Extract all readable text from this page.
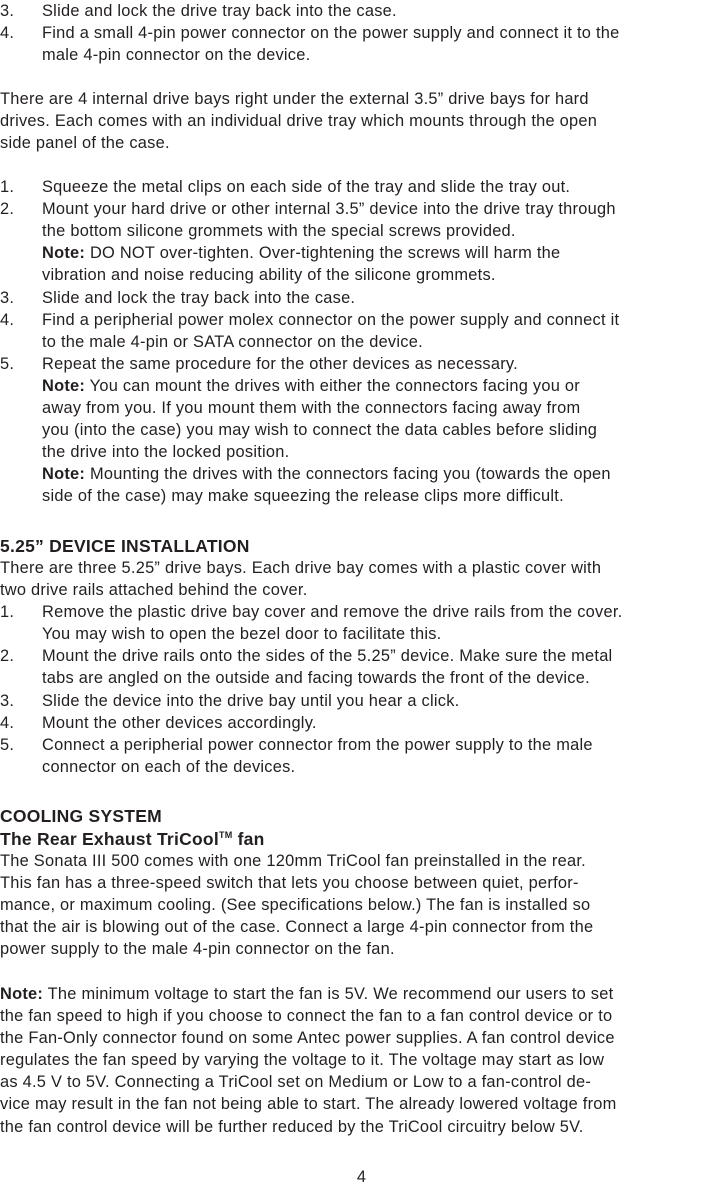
3. Slide and lock the drive tray back into the case.
4. Find a small 4-pin power connector on the power supply and connect it to the
male 4-pin connector on the device.
There are 4 internal drive bays right under the external 3.5” drive bays for hard
drives. Each comes with an individual drive tray which mounts through the open
side panel of the case.
1. Squeeze the metal clips on each side of the tray and slide the tray out.
2. Mount your hard drive or other internal 3.5” device into the drive tray through
the bottom silicone grommets with the special screws provided.
Note: DO NOT over-tighten. Over-tightening the screws will harm the
vibration and noise reducing ability of the silicone grommets.
3. Slide and lock the tray back into the case.
4. Find a peripherial power molex connector on the power supply and connect it
to the male 4-pin or SATA connector on the device.
5. Repeat the same procedure for the other devices as necessary.
Note: You can mount the drives with either the connectors facing you or
away from you. If you mount them with the connectors facing away from
you (into the case) you may wish to connect the data cables before sliding
the drive into the locked position.
Note: Mounting the drives with the connectors facing you (towards the open
side of the case) may make squeezing the release clips more difficult.
5.25” DEVICE INSTALLATION
There are three 5.25” drive bays. Each drive bay comes with a plastic cover with
two drive rails attached behind the cover.
1. Remove the plastic drive bay cover and remove the drive rails from the cover.
You may wish to open the bezel door to facilitate this.
2. Mount the drive rails onto the sides of the 5.25” device. Make sure the metal
tabs are angled on the outside and facing towards the front of the device.
3. Slide the device into the drive bay until you hear a click.
4. Mount the other devices accordingly.
5. Connect a peripherial power connector from the power supply to the male
connector on each of the devices.
COOLING SYSTEM
The Rear Exhaust TriCool™ fan
The Sonata III 500 comes with one 120mm TriCool fan preinstalled in the rear.
This fan has a three-speed switch that lets you choose between quiet, perfor-
mance, or maximum cooling. (See specifications below.) The fan is installed so
that the air is blowing out of the case. Connect a large 4-pin connector from the
power supply to the male 4-pin connector on the fan.
Note: The minimum voltage to start the fan is 5V. We recommend our users to set
the fan speed to high if you choose to connect the fan to a fan control device or to
the Fan-Only connector found on some Antec power supplies. A fan control device
regulates the fan speed by varying the voltage to it. The voltage may start as low
as 4.5 V to 5V. Connecting a TriCool set on Medium or Low to a fan-control de-
vice may result in the fan not being able to start. The already lowered voltage from
the fan control device will be further reduced by the TriCool circuitry below 5V.
4
